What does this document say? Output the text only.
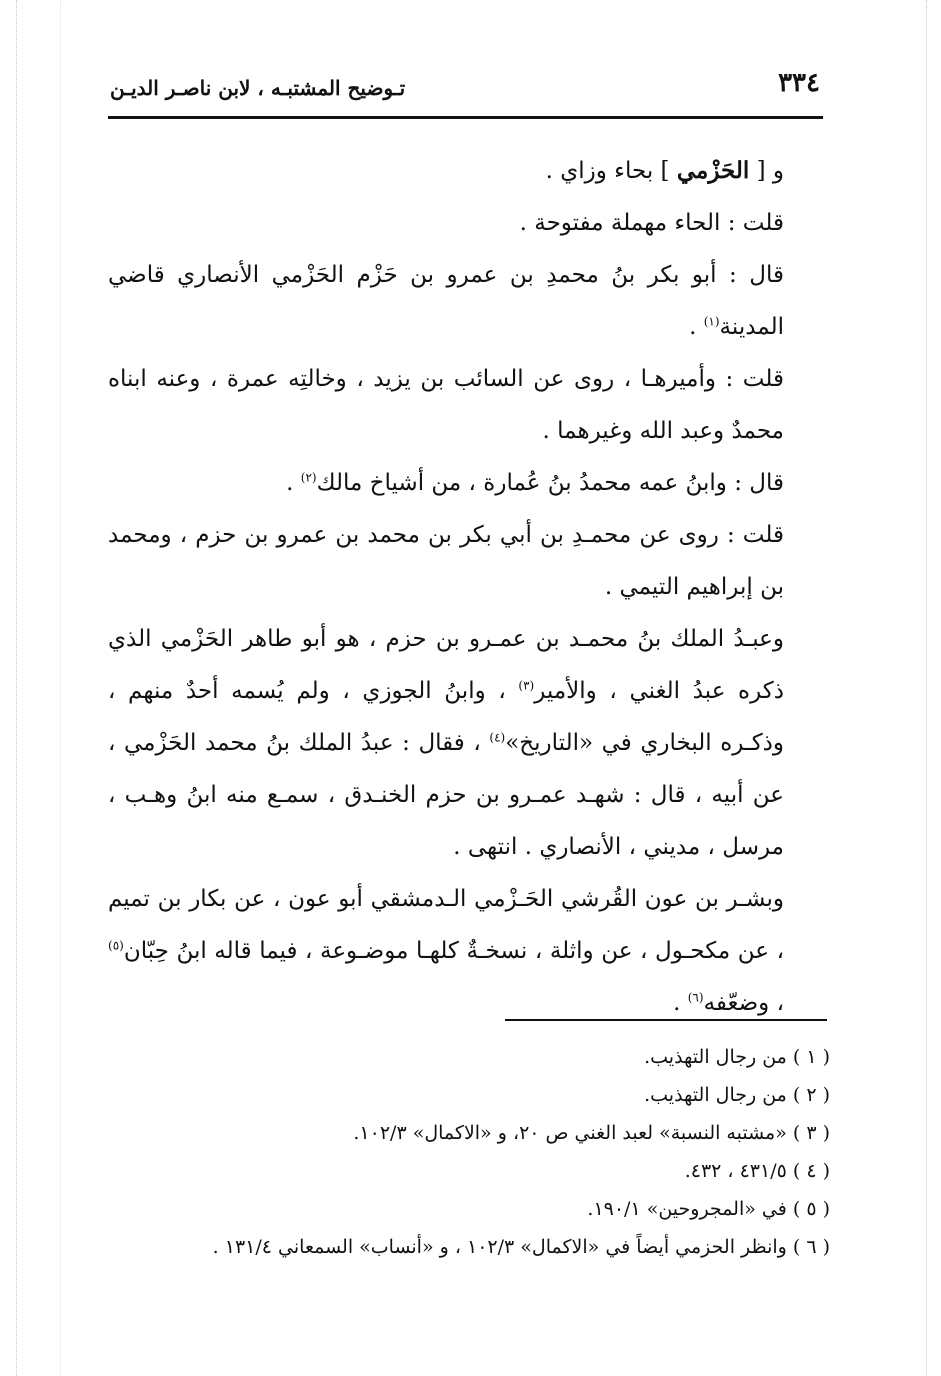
٣٣٤
تـوضيح المشتبـه ، لابن ناصـر الديـن

و [ الحَزْمي ] بحاء وزاي .

قلت : الحاء مهملة مفتوحة .

قال : أبو بكر بنُ محمدِ بن عمرو بن حَزْم الحَزْمي الأنصاري قاضي المدينة$^{(١)}$ .

قلت : وأميرهـا ، روى عن السائب بن يزيد ، وخالتِه عمرة ، وعنه ابناه محمدٌ وعبد الله وغيرهما .

قال : وابنُ عمه محمدُ بنُ عُمارة ، من أشياخ مالك$^{(٢)}$ .

قلت : روى عن محمـدِ بن أبي بكر بن محمد بن عمرو بن حزم ، ومحمد بن إبراهيم التيمي .

وعبـدُ الملك بنُ محمـد بن عمـرو بن حزم ، هو أبو طاهر الحَزْمي الذي ذكره عبدُ الغني ، والأمير$^{(٣)}$ ، وابنُ الجوزي ، ولم يُسمه أحدٌ منهم ، وذكـره البخاري في «التاريخ»$^{(٤)}$ ، فقال : عبدُ الملك بنُ محمد الحَزْمي ، عن أبيه ، قال : شهـد عمـرو بن حزم الخنـدق ، سمـع منه ابنُ وهـب ، مرسل ، مديني ، الأنصاري . انتهى .

وبشـر بن عون القُرشي الحَـزْمي الـدمشقي أبو عون ، عن بكار بن تميم ، عن مكحـول ، عن واثلة ، نسخـةٌ كلهـا موضـوعة ، فيما قاله ابنُ حِبّان$^{(٥)}$ ، وضعّفه$^{(٦)}$ .

( ١ ) من رجال التهذيب.

( ٢ ) من رجال التهذيب.

( ٣ ) «مشتبه النسبة» لعبد الغني ص ٢٠، و «الاكمال» ١٠٢/٣.

( ٤ ) ٤٣١/٥ ، ٤٣٢.

( ٥ ) في «المجروحين» ١٩٠/١.

( ٦ ) وانظر الحزمي أيضاً في «الاكمال» ١٠٢/٣ ، و «أنساب» السمعاني ١٣١/٤ .
